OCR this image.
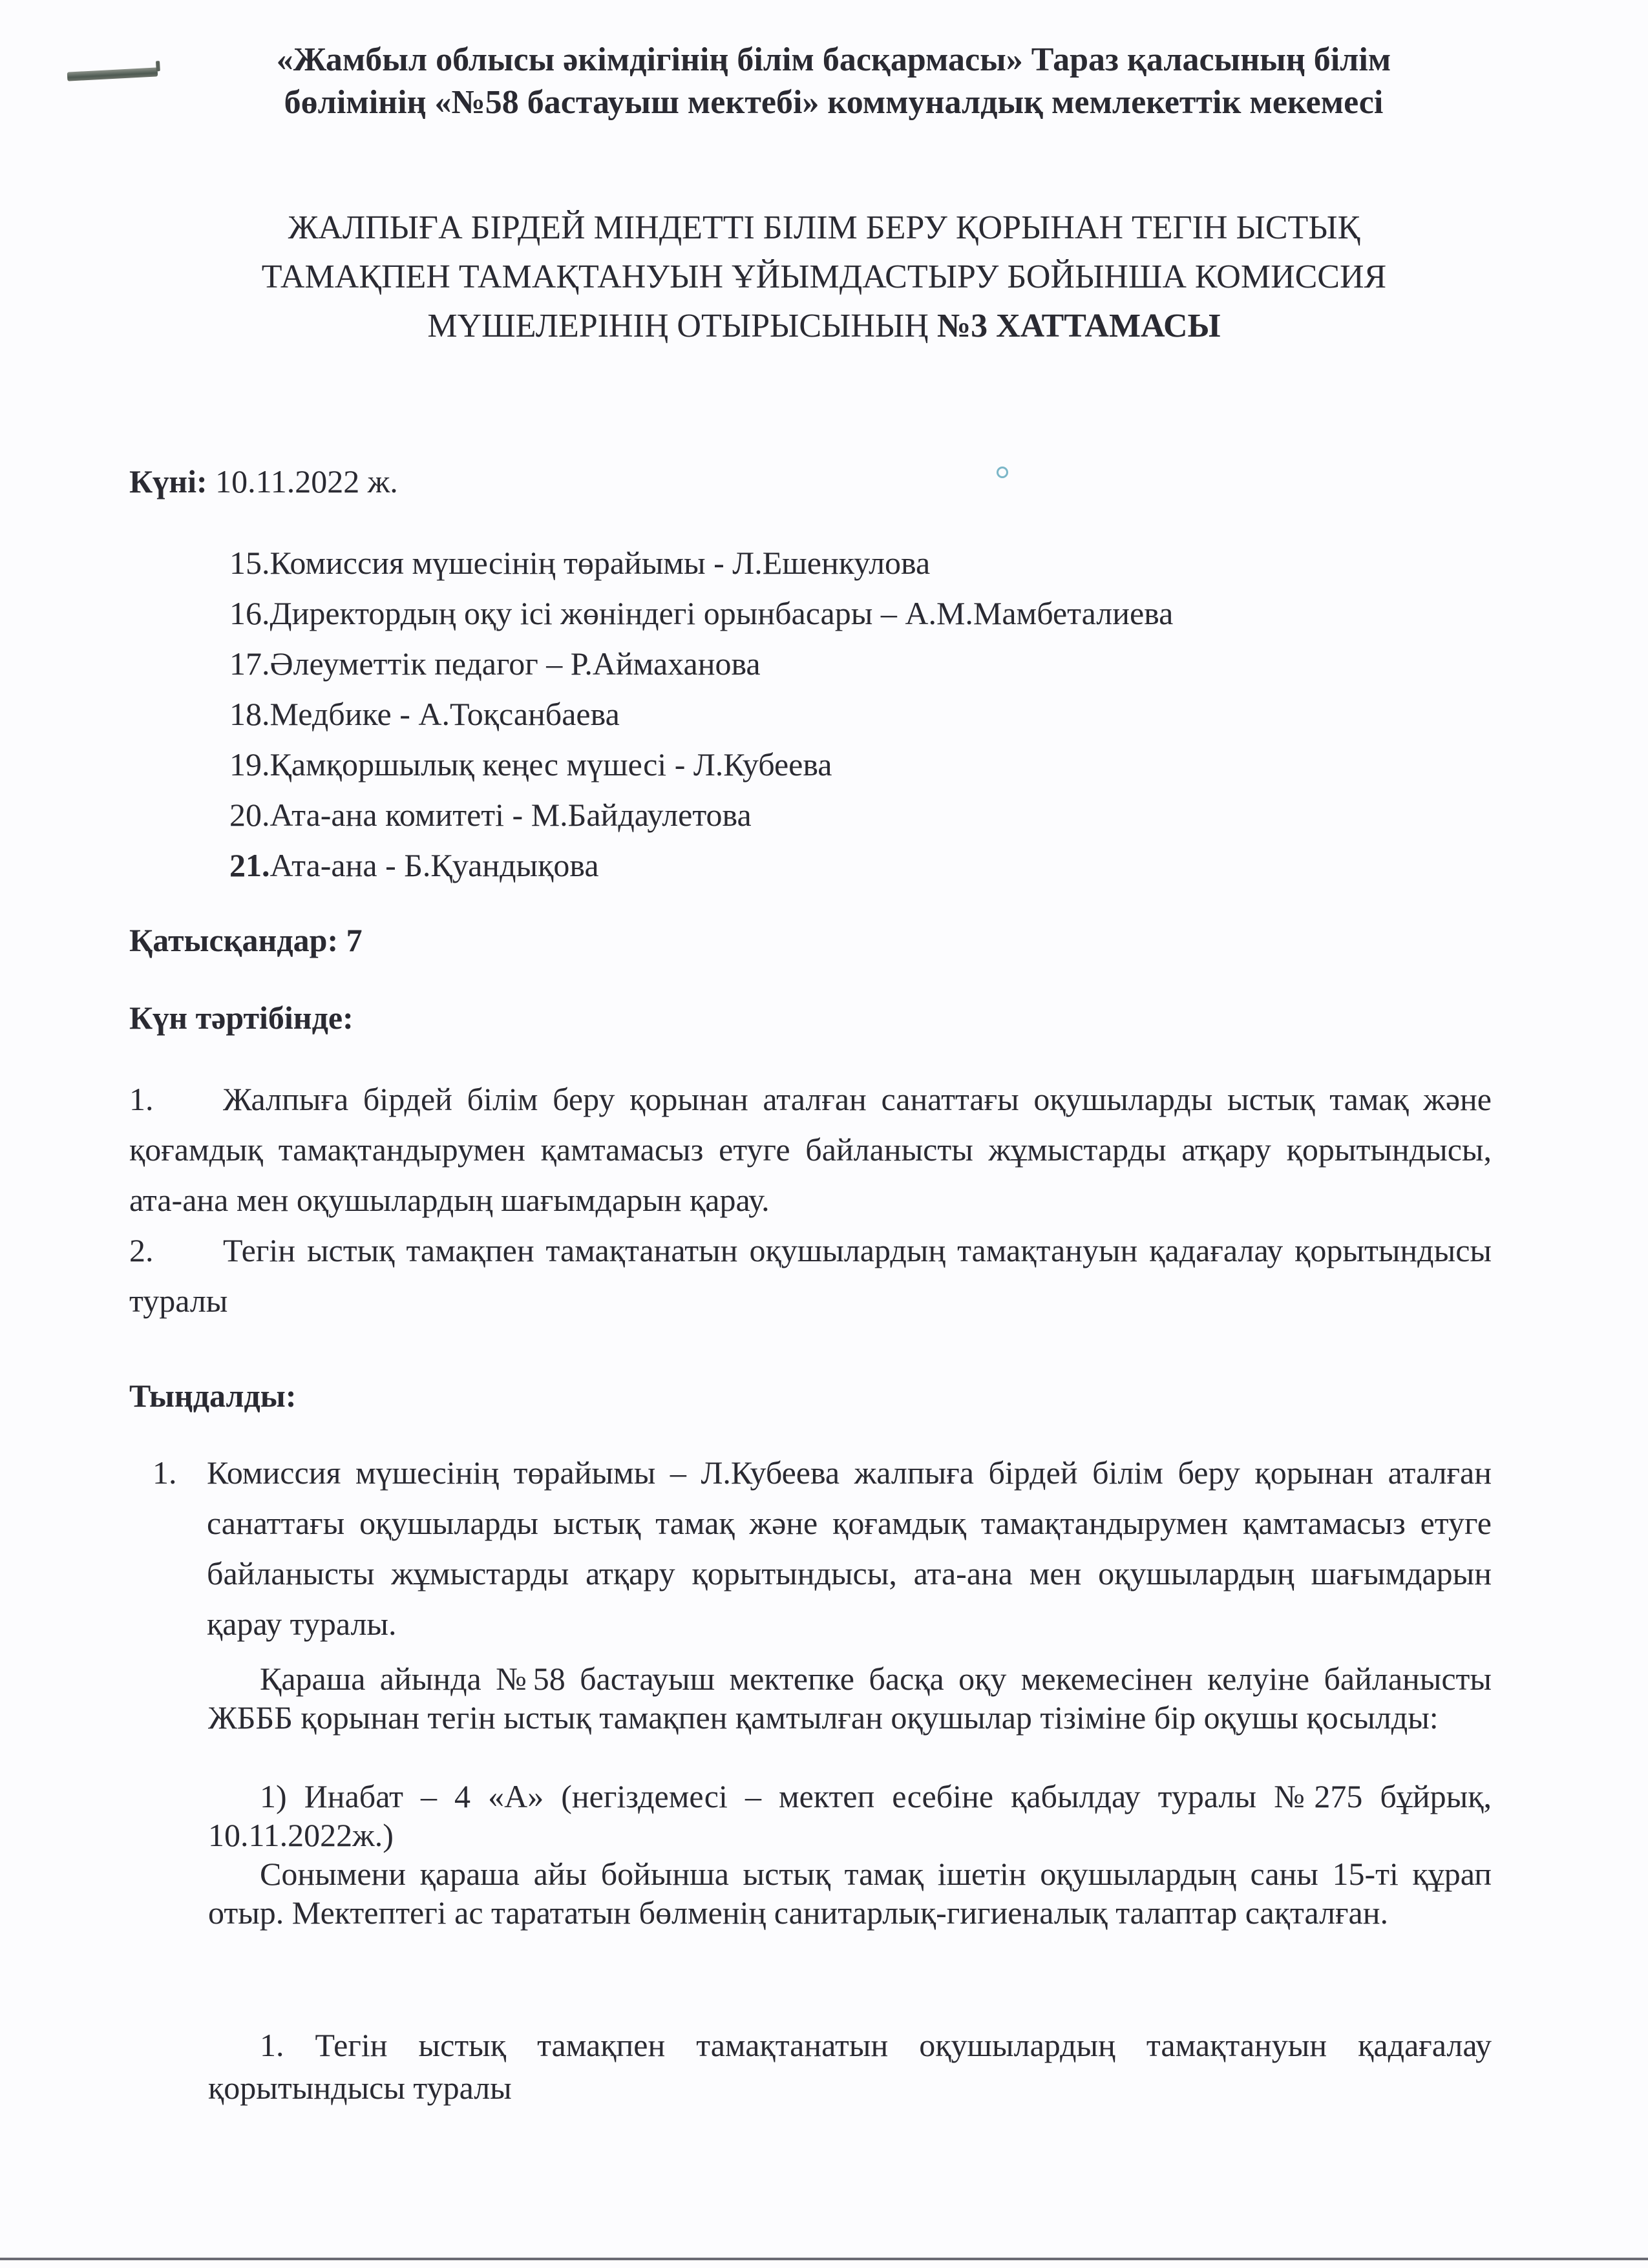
«Жамбыл облысы әкімдігінің білім басқармасы» Тараз қаласының білім
бөлімінің «№58 бастауыш мектебі» коммуналдық мемлекеттік мекемесі
ЖАЛПЫҒА БІРДЕЙ МІНДЕТТІ БІЛІМ БЕРУ ҚОРЫНАН ТЕГІН ЫСТЫҚ
ТАМАҚПЕН ТАМАҚТАНУЫН ҰЙЫМДАСТЫРУ БОЙЫНША КОМИССИЯ
МҮШЕЛЕРІНІҢ ОТЫРЫСЫНЫҢ №3 ХАТТАМАСЫ
Күні: 10.11.2022 ж.
15.Комиссия мүшесінің төрайымы - Л.Ешенкулова
16.Директордың оқу ісі жөніндегі орынбасары – А.М.Мамбеталиева
17.Әлеуметтік педагог – Р.Аймаханова
18.Медбике - А.Тоқсанбаева
19.Қамқоршылық кеңес мүшесі - Л.Кубеева
20.Ата-ана комитеті - М.Байдаулетова
21.Ата-ана - Б.Қуандықова
Қатысқандар: 7
Күн тәртібінде:
1. Жалпыға бірдей білім беру қорынан аталған санаттағы оқушыларды ыстық тамақ және қоғамдық тамақтандырумен қамтамасыз етуге байланысты жұмыстарды атқару қорытындысы, ата-ана мен оқушылардың шағымдарын қарау.
2. Тегін ыстық тамақпен тамақтанатын оқушылардың тамақтануын қадағалау қорытындысы туралы
Тыңдалды:
1. Комиссия мүшесінің төрайымы – Л.Кубеева жалпыға бірдей білім беру қорынан аталған санаттағы оқушыларды ыстық тамақ және қоғамдық тамақтандырумен қамтамасыз етуге байланысты жұмыстарды атқару қорытындысы, ата-ана мен оқушылардың шағымдарын қарау туралы.
Қараша айында №58 бастауыш мектепке басқа оқу мекемесінен келуіне байланысты ЖБББ қорынан тегін ыстық тамақпен қамтылған оқушылар тізіміне бір оқушы қосылды:
1) Инабат – 4 «А» (негіздемесі – мектеп есебіне қабылдау туралы №275 бұйрық, 10.11.2022ж.)
Сонымени қараша айы бойынша ыстық тамақ ішетін оқушылардың саны 15-ті құрап отыр. Мектептегі ас тарататын бөлменің санитарлық-гигиеналық талаптар сақталған.
1. Тегін ыстық тамақпен тамақтанатын оқушылардың тамақтануын қадағалау қорытындысы туралы
